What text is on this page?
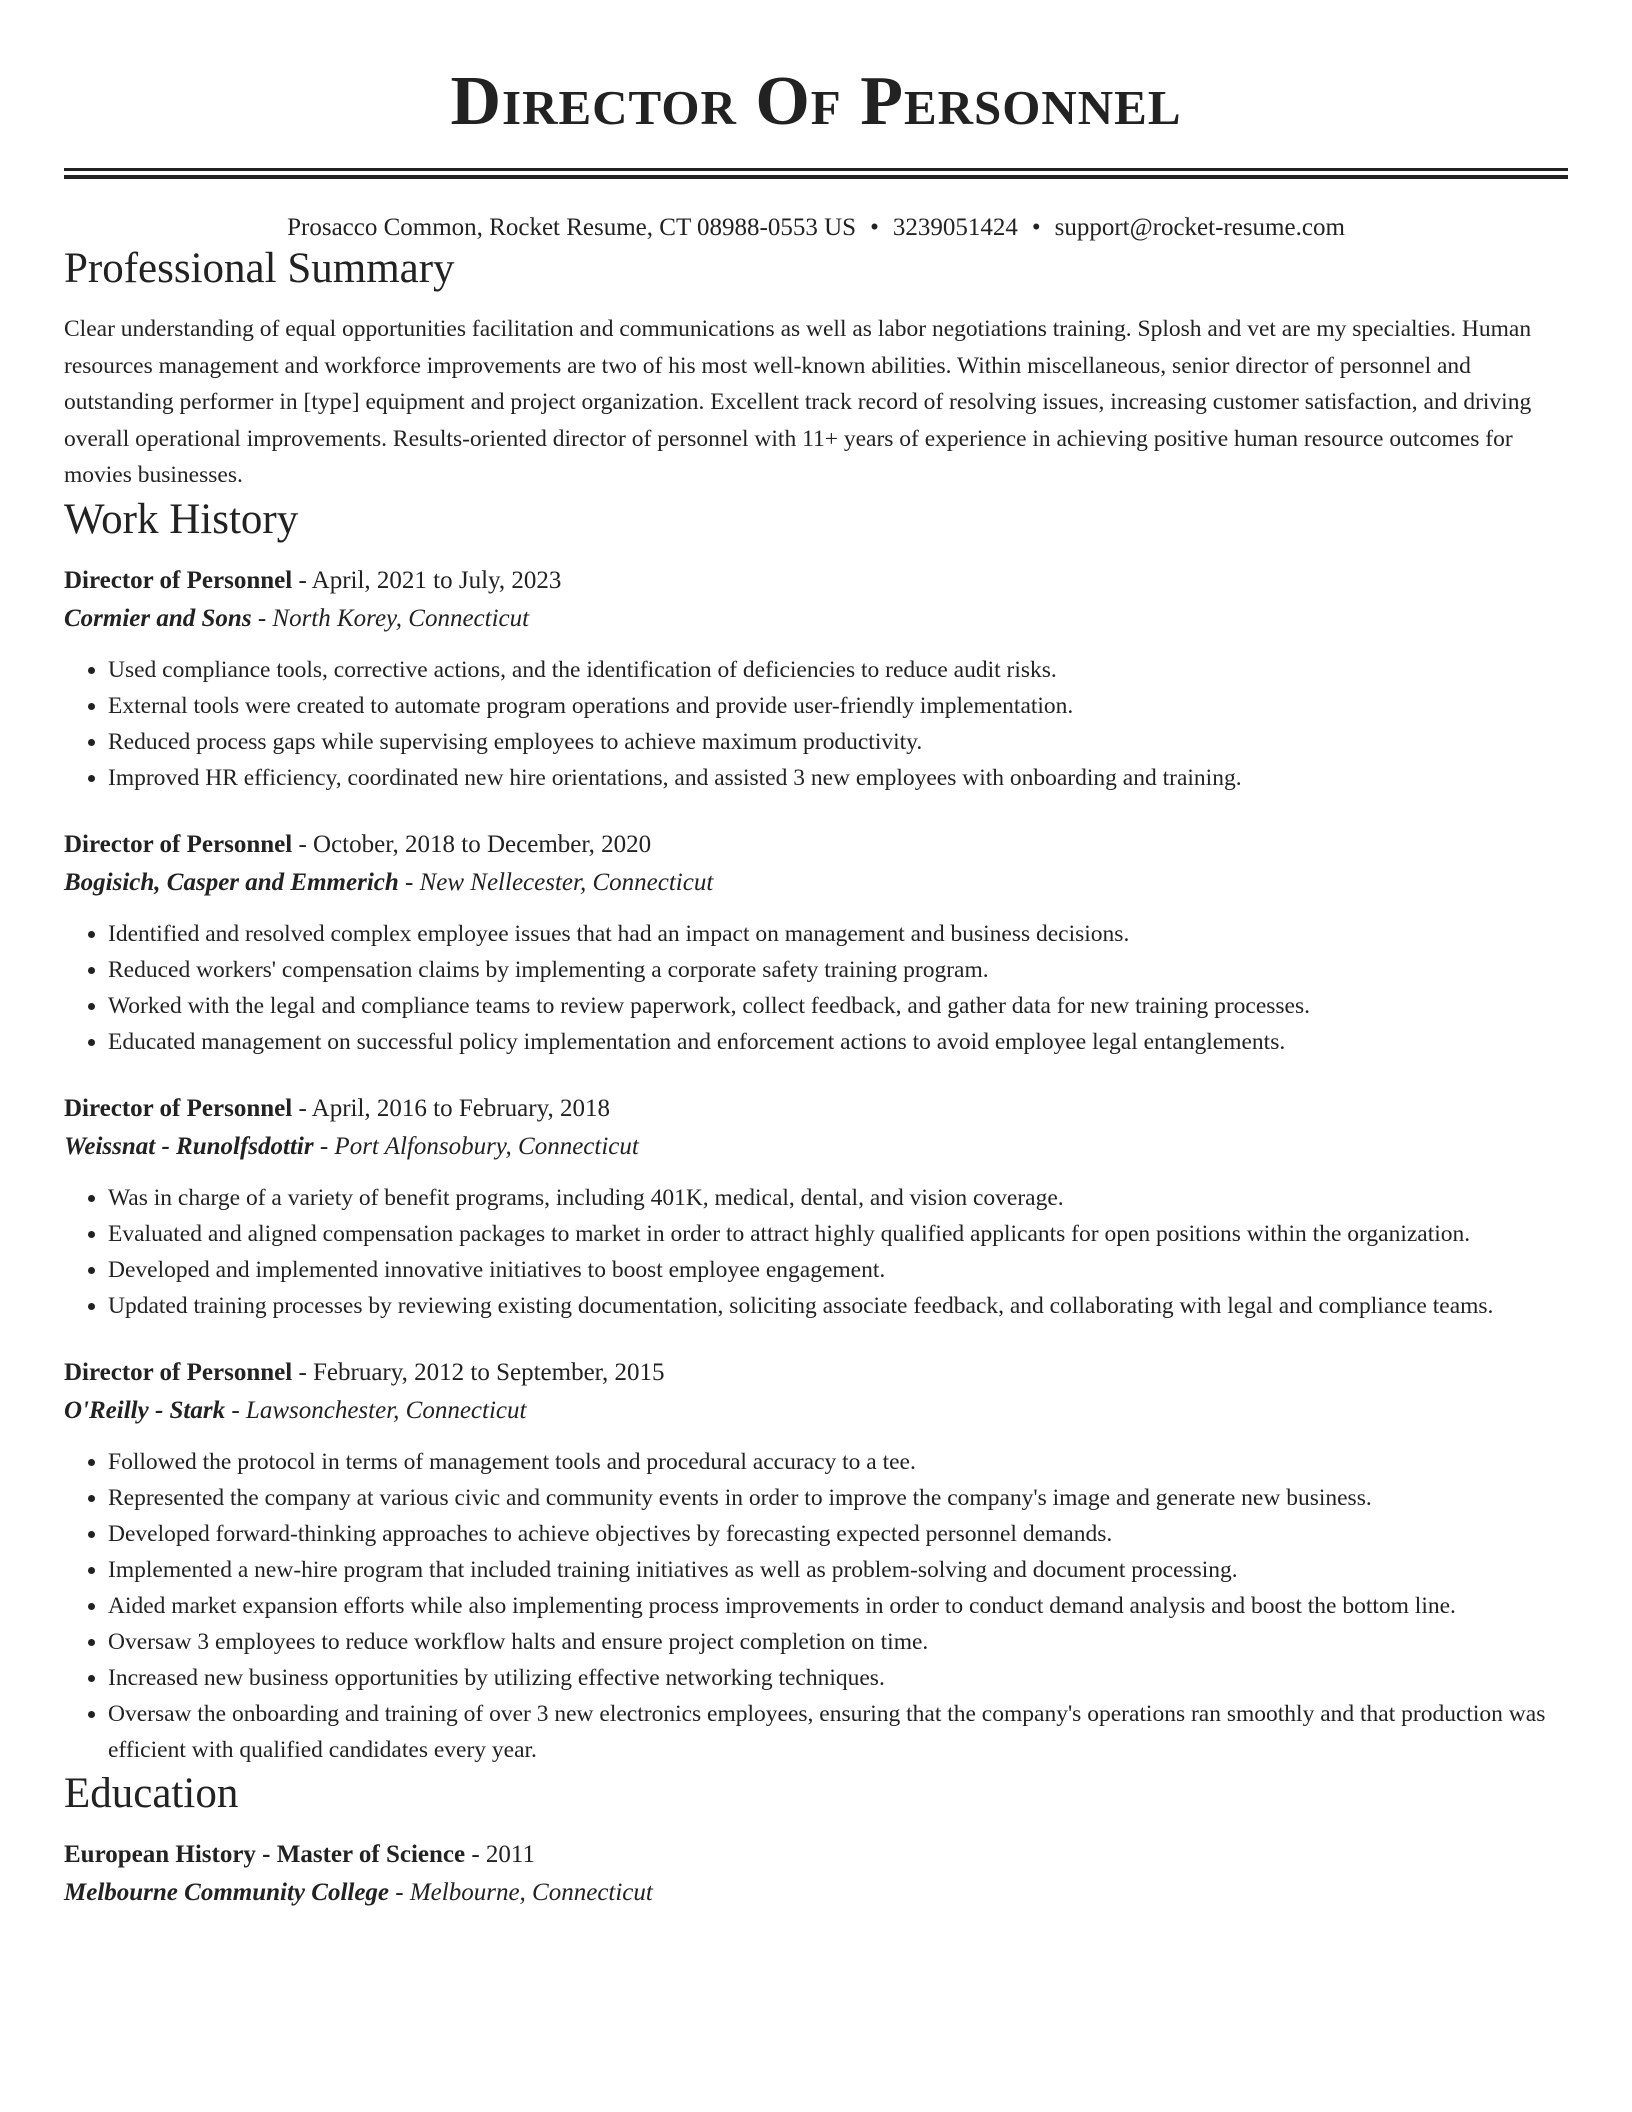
Director Of Personnel
Prosacco Common, Rocket Resume, CT 08988-0553 US • 3239051424 • support@rocket-resume.com
Professional Summary

Clear understanding of equal opportunities facilitation and communications as well as labor negotiations training. Splosh and vet are my specialties. Human resources management and workforce improvements are two of his most well-known abilities. Within miscellaneous, senior director of personnel and outstanding performer in [type] equipment and project organization. Excellent track record of resolving issues, increasing customer satisfaction, and driving overall operational improvements. Results-oriented director of personnel with 11+ years of experience in achieving positive human resource outcomes for movies businesses.

Work History
Director of Personnel - April, 2021 to July, 2023
Cormier and Sons - North Korey, Connecticut
• Used compliance tools, corrective actions, and the identification of deficiencies to reduce audit risks.
• External tools were created to automate program operations and provide user-friendly implementation.
• Reduced process gaps while supervising employees to achieve maximum productivity.
• Improved HR efficiency, coordinated new hire orientations, and assisted 3 new employees with onboarding and training.
Director of Personnel - October, 2018 to December, 2020
Bogisich, Casper and Emmerich - New Nellecester, Connecticut
• Identified and resolved complex employee issues that had an impact on management and business decisions.
• Reduced workers' compensation claims by implementing a corporate safety training program.
• Worked with the legal and compliance teams to review paperwork, collect feedback, and gather data for new training processes.
• Educated management on successful policy implementation and enforcement actions to avoid employee legal entanglements.
Director of Personnel - April, 2016 to February, 2018
Weissnat - Runolfsdottir - Port Alfonsobury, Connecticut
• Was in charge of a variety of benefit programs, including 401K, medical, dental, and vision coverage.
• Evaluated and aligned compensation packages to market in order to attract highly qualified applicants for open positions within the organization.
• Developed and implemented innovative initiatives to boost employee engagement.
• Updated training processes by reviewing existing documentation, soliciting associate feedback, and collaborating with legal and compliance teams.
Director of Personnel - February, 2012 to September, 2015
O'Reilly - Stark - Lawsonchester, Connecticut
• Followed the protocol in terms of management tools and procedural accuracy to a tee.
• Represented the company at various civic and community events in order to improve the company's image and generate new business.
• Developed forward-thinking approaches to achieve objectives by forecasting expected personnel demands.
• Implemented a new-hire program that included training initiatives as well as problem-solving and document processing.
• Aided market expansion efforts while also implementing process improvements in order to conduct demand analysis and boost the bottom line.
• Oversaw 3 employees to reduce workflow halts and ensure project completion on time.
• Increased new business opportunities by utilizing effective networking techniques.
• Oversaw the onboarding and training of over 3 new electronics employees, ensuring that the company's operations ran smoothly and that production was efficient with qualified candidates every year.
Education
European History - Master of Science - 2011
Melbourne Community College - Melbourne, Connecticut
